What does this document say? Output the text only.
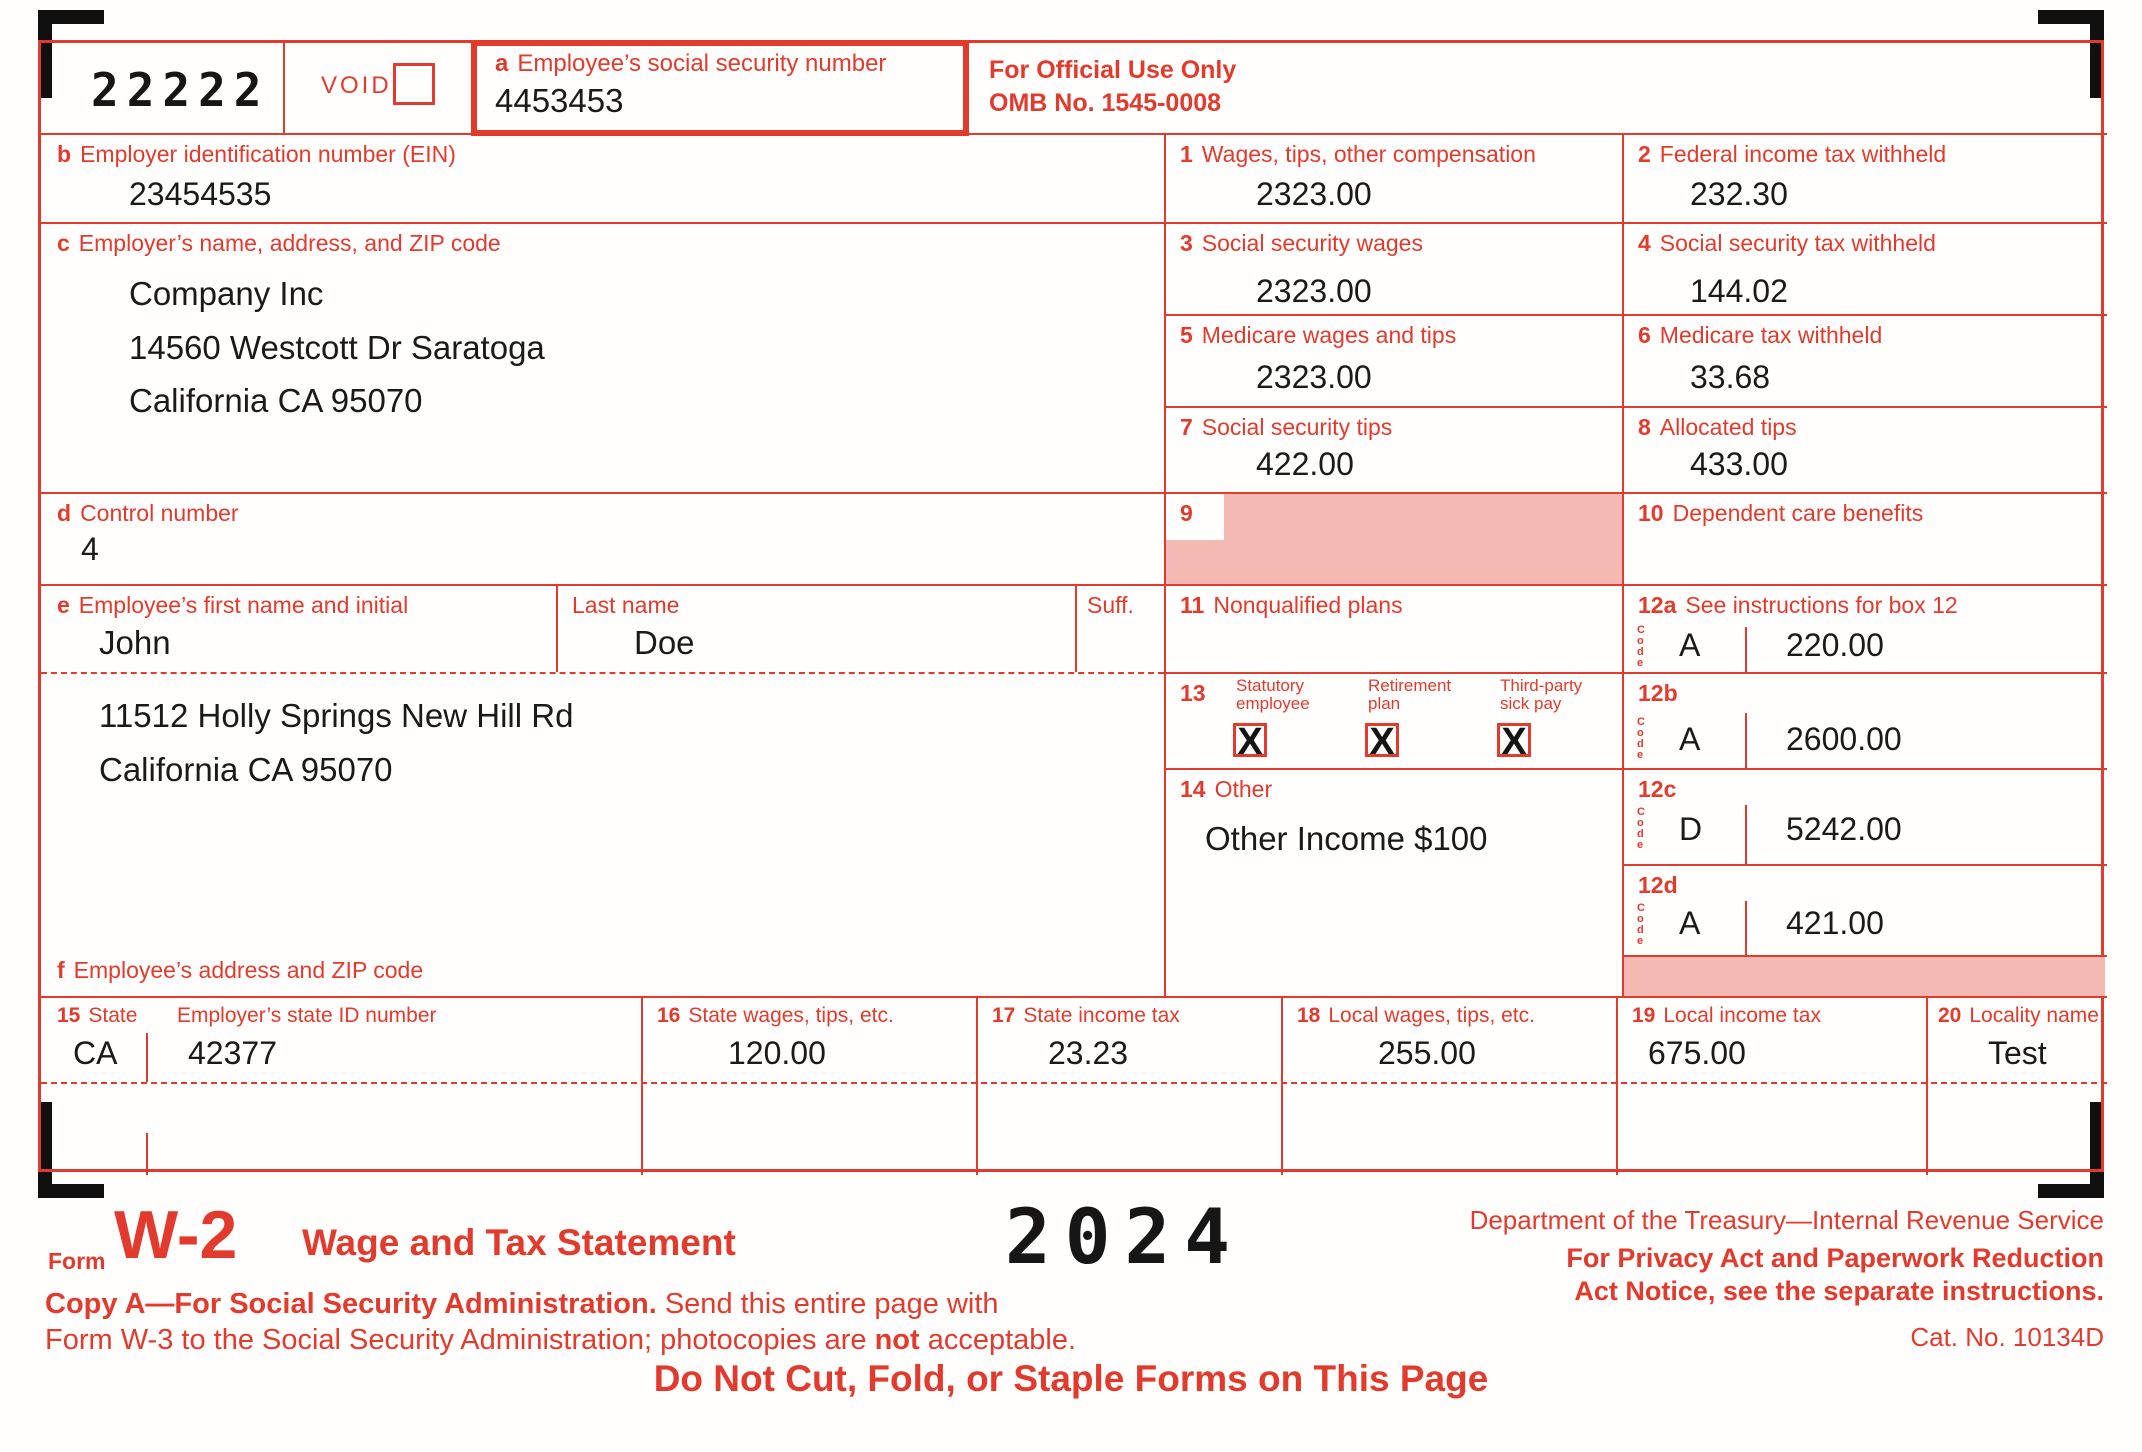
22222 VOID
a Employee’s social security number
4453453
For Official Use Only
OMB No. 1545-0008
b Employer identification number (EIN)
23454535
1 Wages, tips, other compensation
2323.00
2 Federal income tax withheld
232.30
c Employer’s name, address, and ZIP code
Company Inc
14560 Westcott Dr Saratoga
California CA 95070
3 Social security wages
2323.00
4 Social security tax withheld
144.02
5 Medicare wages and tips
2323.00
6 Medicare tax withheld
33.68
7 Social security tips
422.00
8 Allocated tips
433.00
d Control number
4
9	10 Dependent care benefits
e Employee’s first name and initial
John
Last name
Doe
Suff. 11 Nonqualified plans	12a See instructions for box 12
Code A	220.00
11512 Holly Springs New Hill Rd
California CA 95070
f Employee’s address and ZIP code
13 Statutory employee
X
Retirement plan
X
Third-party sick pay
X
12b
Code A	2600.00
14 Other
Other Income $100
12c
Code D	5242.00
12d
Code A	421.00
15 State Employer’s state ID number	16 State wages, tips, etc.	17 State income tax	18 Local wages, tips, etc.	19 Local income tax	20 Locality name
CA 42377	120.00	23.23	255.00	675.00	Test
Form W-2 Wage and Tax Statement	2024	Department of the Treasury—Internal Revenue Service
For Privacy Act and Paperwork Reduction
Act Notice, see the separate instructions.
Copy A—For Social Security Administration. Send this entire page with
Form W-3 to the Social Security Administration; photocopies are not acceptable.	Cat. No. 10134D
Do Not Cut, Fold, or Staple Forms on This Page
